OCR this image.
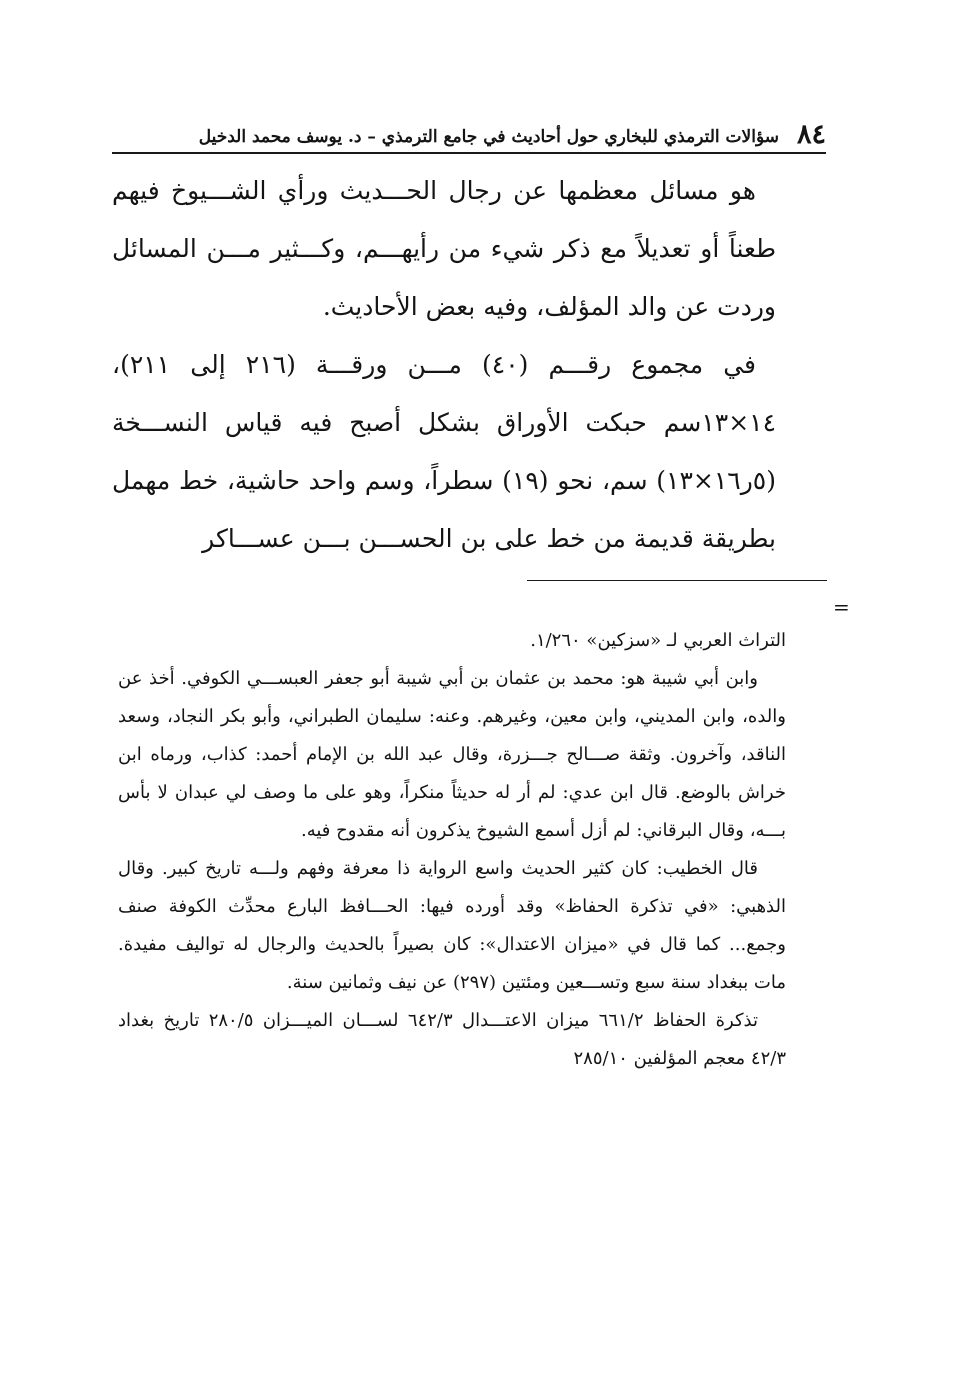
٨٤
سؤالات الترمذي للبخاري حول أحاديث في جامع الترمذي – د. يوسف محمد الدخيل

هو مسائل معظمها عن رجال الحـــديث ورأي الشـــيوخ فيهم طعناً أو تعديلاً مع ذكر شيء من رأيهـــم، وكـــثير مـــن المسائل وردت عن والد المؤلف، وفيه بعض الأحاديث.

في مجموع رقـــم (٤٠) مـــن ورقـــة (٢١٦ إلى ٢١١)، ١٤×١٣سم حبكت الأوراق بشكل أصبح فيه قياس النســـخة (٥ر١٦×١٣) سم، نحو (١٩) سطراً، وسم واحد حاشية، خط مهمل بطريقة قديمة من خط على بن الحســـن بـــن عســـاكر

=

التراث العربي لـ «سزكين» ١/٢٦٠.

وابن أبي شيبة هو: محمد بن عثمان بن أبي شيبة أبو جعفر العبســـي الكوفي. أخذ عن والده، وابن المديني، وابن معين، وغيرهم. وعنه: سليمان الطبراني، وأبو بكر النجاد، وسعد الناقد، وآخرون. وثقة صـــالح جـــزرة، وقال عبد الله بن الإمام أحمد: كذاب، ورماه ابن خراش بالوضع. قال ابن عدي: لم أر له حديثاً منكراً، وهو على ما وصف لي عبدان لا بأس بـــه، وقال البرقاني: لم أزل أسمع الشيوخ يذكرون أنه مقدوح فيه.

قال الخطيب: كان كثير الحديث واسع الرواية ذا معرفة وفهم ولـــه تاريخ كبير. وقال الذهبي: «في تذكرة الحفاظ» وقد أورده فيها: الحـــافظ البارع محدِّث الكوفة صنف وجمع... كما قال في «ميزان الاعتدال»: كان بصيراً بالحديث والرجال له تواليف مفيدة. مات ببغداد سنة سبع وتســـعين ومئتين (٢٩٧) عن نيف وثمانين سنة.

تذكرة الحفاظ ٦٦١/٢ ميزان الاعتـــدال ٦٤٢/٣ لســـان الميـــزان ٢٨٠/٥ تاريخ بغداد ٤٢/٣ معجم المؤلفين ٢٨٥/١٠
